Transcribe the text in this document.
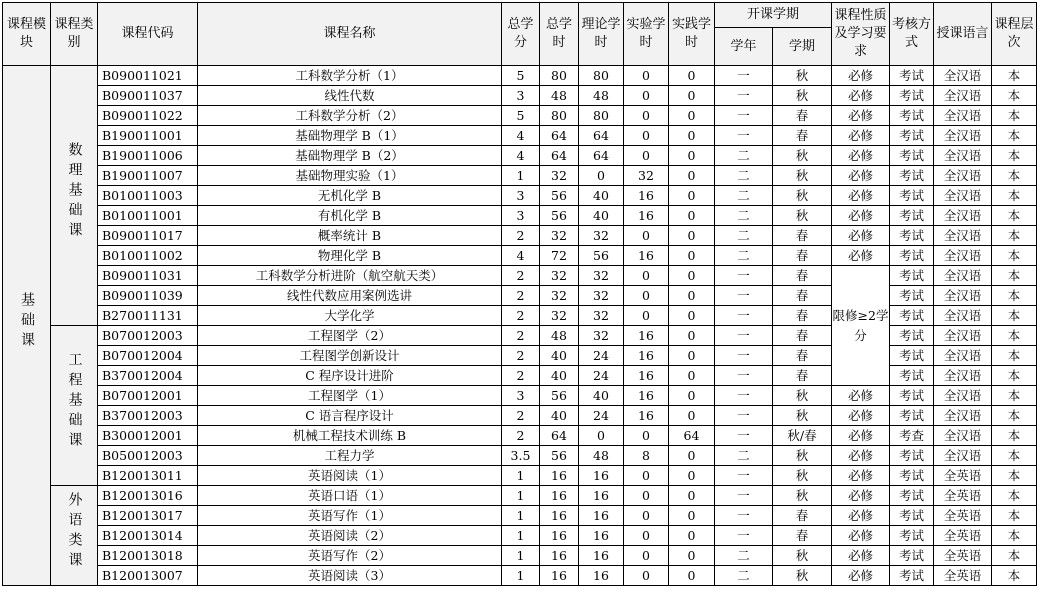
课程模块	课程类别	课程代码	课程名称	总学分	总学时	理论学时	实验学时	实践学时	开课学期		课程性质及学习要求	考核方式	授课语言	课程层次
									学年	学期				
基础课	数理基础课	B090011021	工科数学分析（1）	5	80	80	0	0	一	秋	必修	考试	全汉语	本
		B090011037	线性代数	3	48	48	0	0	一	秋	必修	考试	全汉语	本
		B090011022	工科数学分析（2）	5	80	80	0	0	一	春	必修	考试	全汉语	本
		B190011001	基础物理学 B（1）	4	64	64	0	0	一	春	必修	考试	全汉语	本
		B190011006	基础物理学 B（2）	4	64	64	0	0	二	秋	必修	考试	全汉语	本
		B190011007	基础物理实验（1）	1	32	0	32	0	二	秋	必修	考试	全汉语	本
		B010011003	无机化学 B	3	56	40	16	0	二	秋	必修	考试	全汉语	本
		B010011001	有机化学 B	3	56	40	16	0	二	秋	必修	考试	全汉语	本
		B090011017	概率统计 B	2	32	32	0	0	二	春	必修	考试	全汉语	本
		B010011002	物理化学 B	4	72	56	16	0	二	春	必修	考试	全汉语	本
		B090011031	工科数学分析进阶（航空航天类）	2	32	32	0	0	一	春	限修≥2学分	考试	全汉语	本
		B090011039	线性代数应用案例选讲	2	32	32	0	0	一	春		考试	全汉语	本
		B270011131	大学化学	2	32	32	0	0	一	春		考试	全汉语	本
	工程基础课	B070012003	工程图学（2）	2	48	32	16	0	一	春		考试	全汉语	本
		B070012004	工程图学创新设计	2	40	24	16	0	一	春		考试	全汉语	本
		B370012004	C 程序设计进阶	2	40	24	16	0	一	春		考试	全汉语	本
		B070012001	工程图学（1）	3	56	40	16	0	一	秋	必修	考试	全汉语	本
		B370012003	C 语言程序设计	2	40	24	16	0	一	秋	必修	考试	全汉语	本
		B300012001	机械工程技术训练 B	2	64	0	0	64	一	秋/春	必修	考查	全汉语	本
		B050012003	工程力学	3.5	56	48	8	0	二	秋	必修	考试	全汉语	本
		B120013011	英语阅读（1）	1	16	16	0	0	一	秋	必修	考试	全英语	本
	外语类课	B120013016	英语口语（1）	1	16	16	0	0	一	秋	必修	考试	全英语	本
		B120013017	英语写作（1）	1	16	16	0	0	一	春	必修	考试	全英语	本
		B120013014	英语阅读（2）	1	16	16	0	0	一	春	必修	考试	全英语	本
		B120013018	英语写作（2）	1	16	16	0	0	二	秋	必修	考试	全英语	本
		B120013007	英语阅读（3）	1	16	16	0	0	二	秋	必修	考试	全英语	本
